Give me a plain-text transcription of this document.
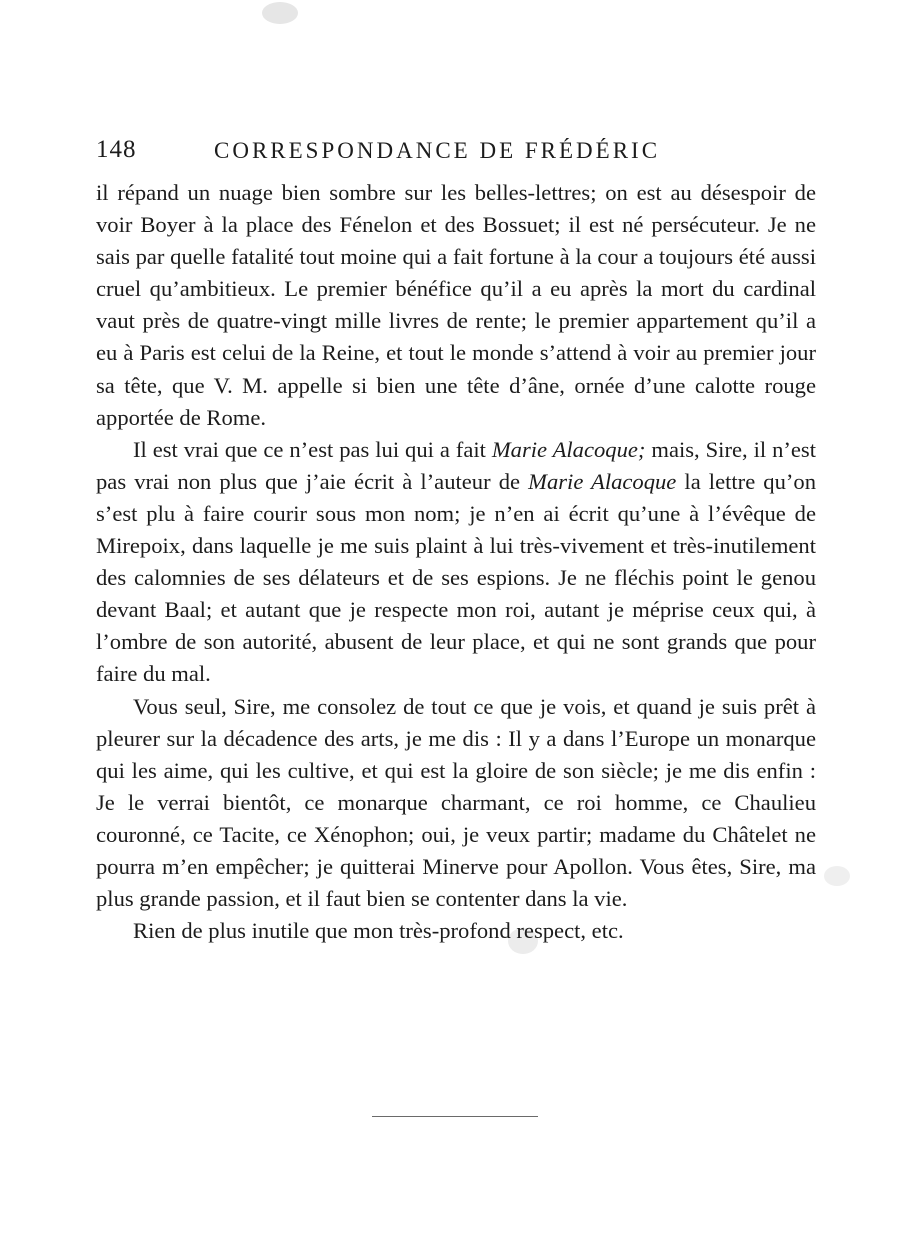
148	CORRESPONDANCE DE FRÉDÉRIC

il répand un nuage bien sombre sur les belles-lettres; on est au désespoir de voir Boyer à la place des Fénelon et des Bossuet; il est né persécuteur. Je ne sais par quelle fatalité tout moine qui a fait fortune à la cour a toujours été aussi cruel qu’ambitieux. Le premier bénéfice qu’il a eu après la mort du cardinal vaut près de quatre-vingt mille livres de rente; le premier appartement qu’il a eu à Paris est celui de la Reine, et tout le monde s’attend à voir au premier jour sa tête, que V. M. appelle si bien une tête d’âne, ornée d’une calotte rouge apportée de Rome.

Il est vrai que ce n’est pas lui qui a fait Marie Alacoque; mais, Sire, il n’est pas vrai non plus que j’aie écrit à l’auteur de Marie Alacoque la lettre qu’on s’est plu à faire courir sous mon nom; je n’en ai écrit qu’une à l’évêque de Mirepoix, dans laquelle je me suis plaint à lui très-vivement et très-inutilement des calomnies de ses délateurs et de ses espions. Je ne fléchis point le genou devant Baal; et autant que je respecte mon roi, autant je méprise ceux qui, à l’ombre de son autorité, abusent de leur place, et qui ne sont grands que pour faire du mal.

Vous seul, Sire, me consolez de tout ce que je vois, et quand je suis prêt à pleurer sur la décadence des arts, je me dis : Il y a dans l’Europe un monarque qui les aime, qui les cultive, et qui est la gloire de son siècle; je me dis enfin : Je le verrai bientôt, ce monarque charmant, ce roi homme, ce Chaulieu couronné, ce Tacite, ce Xénophon; oui, je veux partir; madame du Châtelet ne pourra m’en empêcher; je quitterai Minerve pour Apollon. Vous êtes, Sire, ma plus grande passion, et il faut bien se contenter dans la vie.

Rien de plus inutile que mon très-profond respect, etc.
